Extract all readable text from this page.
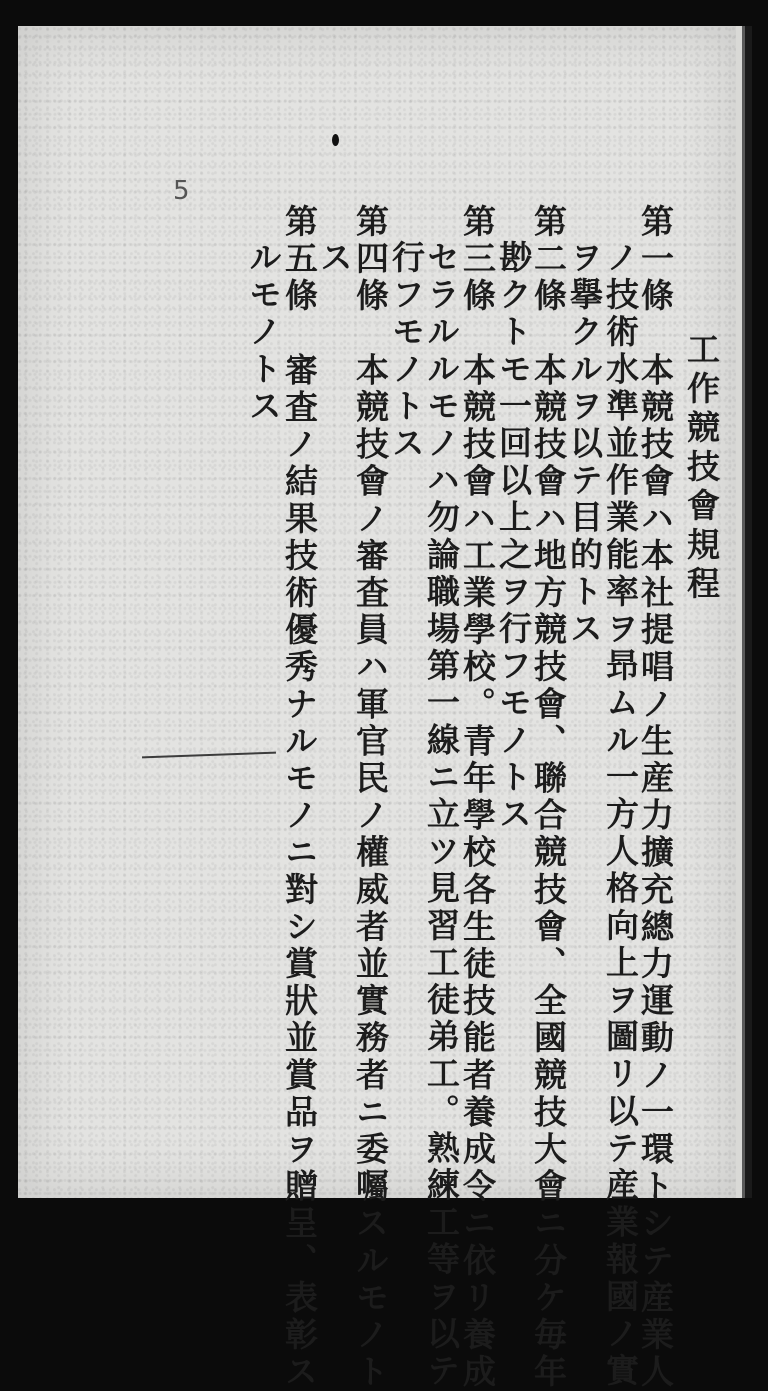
5
工作競技會規程
第一條　本競技會ハ本社提唱ノ生産力擴充總力運動ノ一環トシテ産業人
ノ技術水準並作業能率ヲ昻ムル一方人格向上ヲ圖リ以テ産業報國ノ實
ヲ擧クルヲ以テ目的トス
第二條　本競技會ハ地方競技會、聯合競技會、全國競技大會ニ分ケ毎年
尠クトモ一回以上之ヲ行フモノトス
第三條　本競技會ハ工業學校。青年學校各生徒技能者養成令ニ依リ養成
セラルルモノハ勿論職場第一線ニ立ツ見習工徒弟工。熟練工等ヲ以テ
行フモノトス
第四條　本競技會ノ審査員ハ軍官民ノ權威者並實務者ニ委囑スルモノト
ス
第五條　審査ノ結果技術優秀ナルモノニ對シ賞狀並賞品ヲ贈呈、表彰ス
ルモノトス
